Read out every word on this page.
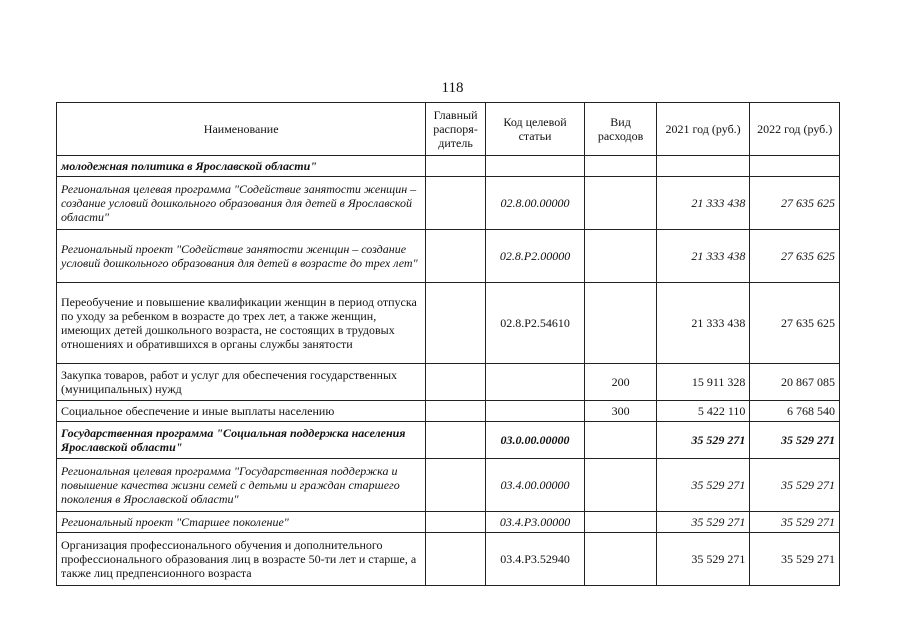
118
Наименование	Главный распоря-дитель	Код целевой статьи	Вид расходов	2021 год (руб.)	2022 год (руб.)
молодежная политика в Ярославской области"					
Региональная целевая программа "Содействие занятости женщин – создание условий дошкольного образования для детей в Ярославской области"		02.8.00.00000		21 333 438	27 635 625
Региональный проект "Содействие занятости женщин – создание условий дошкольного образования для детей в возрасте до трех лет"		02.8.P2.00000		21 333 438	27 635 625
Переобучение и повышение квалификации женщин в период отпуска по уходу за ребенком в возрасте до трех лет, а также женщин, имеющих детей дошкольного возраста, не состоящих в трудовых отношениях и обратившихся в органы службы занятости		02.8.P2.54610		21 333 438	27 635 625
Закупка товаров, работ и услуг для обеспечения государственных (муниципальных) нужд			200	15 911 328	20 867 085
Социальное обеспечение и иные выплаты населению			300	5 422 110	6 768 540
Государственная программа "Социальная поддержка населения Ярославской области"		03.0.00.00000		35 529 271	35 529 271
Региональная целевая программа "Государственная поддержка и повышение качества жизни семей с детьми и граждан старшего поколения в Ярославской области"		03.4.00.00000		35 529 271	35 529 271
Региональный проект "Старшее поколение"		03.4.P3.00000		35 529 271	35 529 271
Организация профессионального обучения и дополнительного профессионального образования лиц в возрасте 50-ти лет и старше, а также лиц предпенсионного возраста		03.4.P3.52940		35 529 271	35 529 271
